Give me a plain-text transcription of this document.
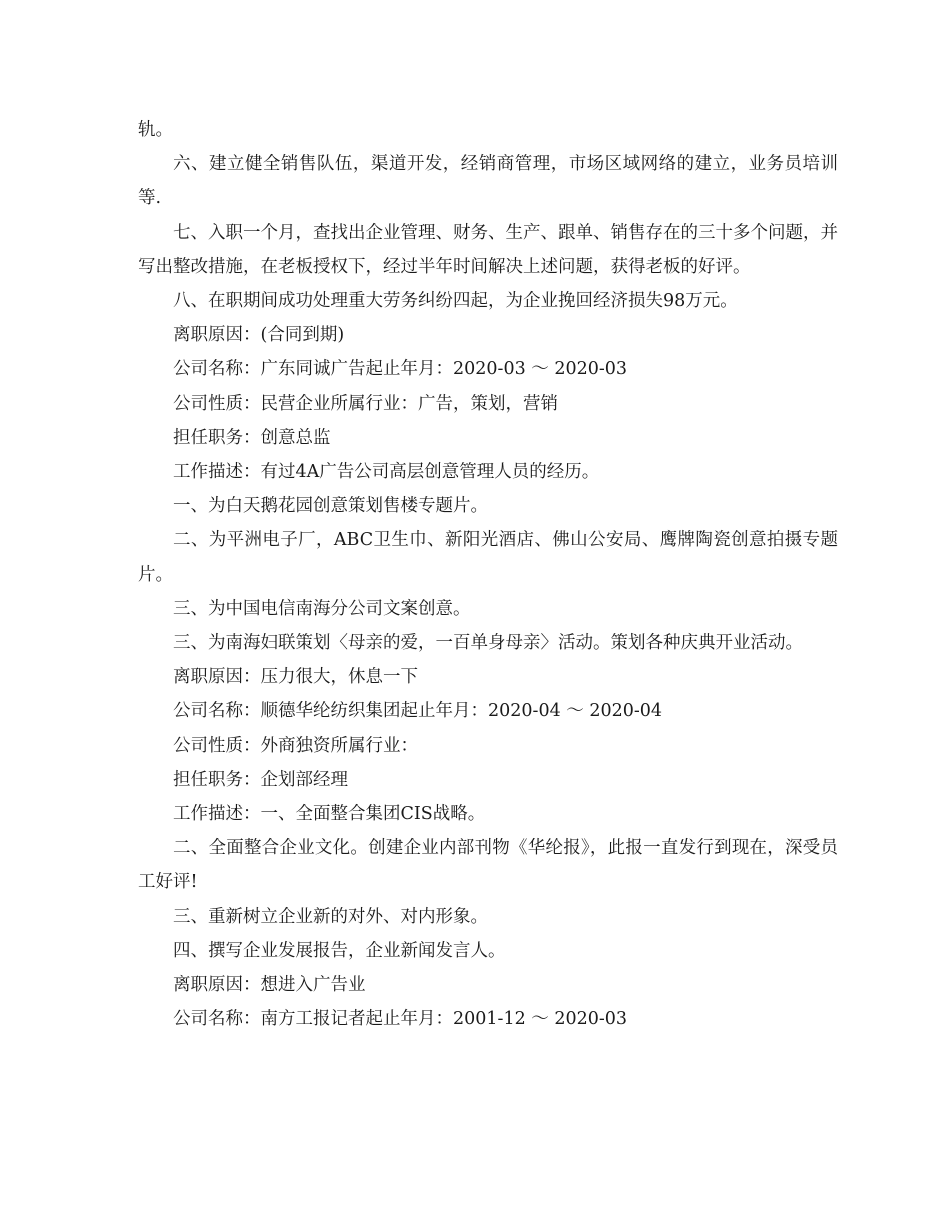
轨。

六、建立健全销售队伍，渠道开发，经销商管理，市场区域网络的建立，业务员培训等.

七、入职一个月，查找出企业管理、财务、生产、跟单、销售存在的三十多个问题，并写出整改措施，在老板授权下，经过半年时间解决上述问题，获得老板的好评。

八、在职期间成功处理重大劳务纠纷四起，为企业挽回经济损失98万元。

离职原因：(合同到期)

公司名称：广东同诚广告起止年月：2020-03 ～ 2020-03

公司性质：民营企业所属行业：广告，策划，营销

担任职务：创意总监

工作描述：有过4A广告公司高层创意管理人员的经历。

一、为白天鹅花园创意策划售楼专题片。

二、为平洲电子厂，ABC卫生巾、新阳光酒店、佛山公安局、鹰牌陶瓷创意拍摄专题片。

三、为中国电信南海分公司文案创意。

三、为南海妇联策划〈母亲的爱，一百单身母亲〉活动。策划各种庆典开业活动。

离职原因：压力很大，休息一下

公司名称：顺德华纶纺织集团起止年月：2020-04 ～ 2020-04

公司性质：外商独资所属行业：

担任职务：企划部经理

工作描述：一、全面整合集团CIS战略。

二、全面整合企业文化。创建企业内部刊物《华纶报》，此报一直发行到现在，深受员工好评!

三、重新树立企业新的对外、对内形象。

四、撰写企业发展报告，企业新闻发言人。

离职原因：想进入广告业

公司名称：南方工报记者起止年月：2001-12 ～ 2020-03
